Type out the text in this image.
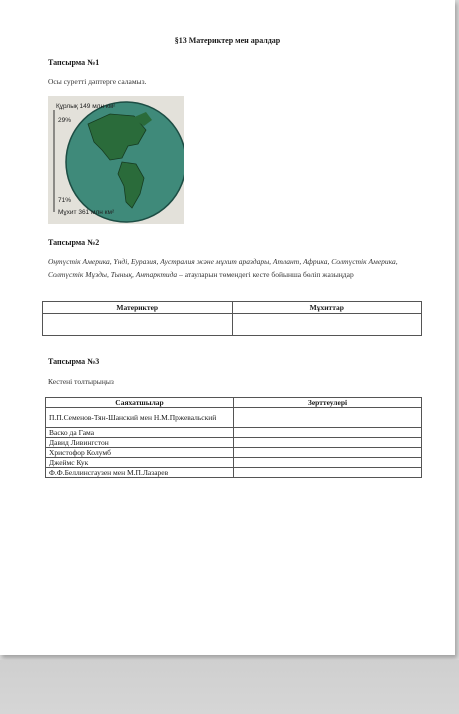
§13 Материктер мен аралдар
Тапсырма №1
Осы суретті дәптерге саламыз.
Құрлық 149 млн км²
29%
71%
Мұхит 361 млн км²
Тапсырма №2
Оңтүстік Америка, Үнді, Еуразия, Аустралия және мұхит араздары, Атлант, Африка, Солтүстік Америка, Солтүстік Мұзды, Тынық, Антарктида – атауларын төмендегі кесте бойынша бөліп жазыңдар
Материктер	Мұхиттар

Тапсырма №3
Кестені толтырыңыз
Саяхатшылар	Зерттеулері
П.П.Семенов-Тян-Шанский мен Н.М.Пржевальский	
Васко да Гама	
Давид Ливингстон	
Христофор Колумб	
Джеймс Кук	
Ф.Ф.Беллинсгаузен мен М.П.Лазарев	
